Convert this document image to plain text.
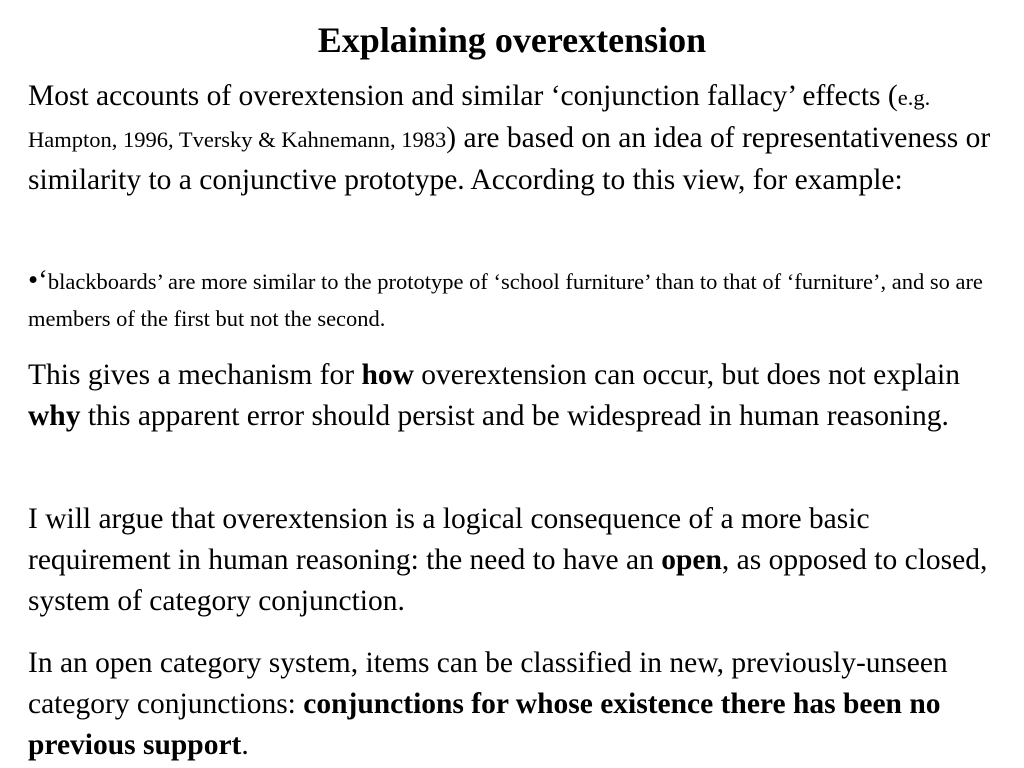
Explaining overextension
Most accounts of overextension and similar ‘conjunction fallacy’ effects (e.g. Hampton, 1996, Tversky & Kahnemann, 1983) are based on an idea of representativeness or similarity to a conjunctive prototype. According to this view, for example:
•‘blackboards’ are more similar to the prototype of ‘school furniture’ than to that of ‘furniture’, and so are members of the first but not the second.
This gives a mechanism for how overextension can occur, but does not explain why this apparent error should persist and be widespread in human reasoning.
I will argue that overextension is a logical consequence of a more basic requirement in human reasoning: the need to have an open, as opposed to closed, system of category conjunction.
In an open category system, items can be classified in new, previously-unseen category conjunctions: conjunctions for whose existence there has been no previous support.
